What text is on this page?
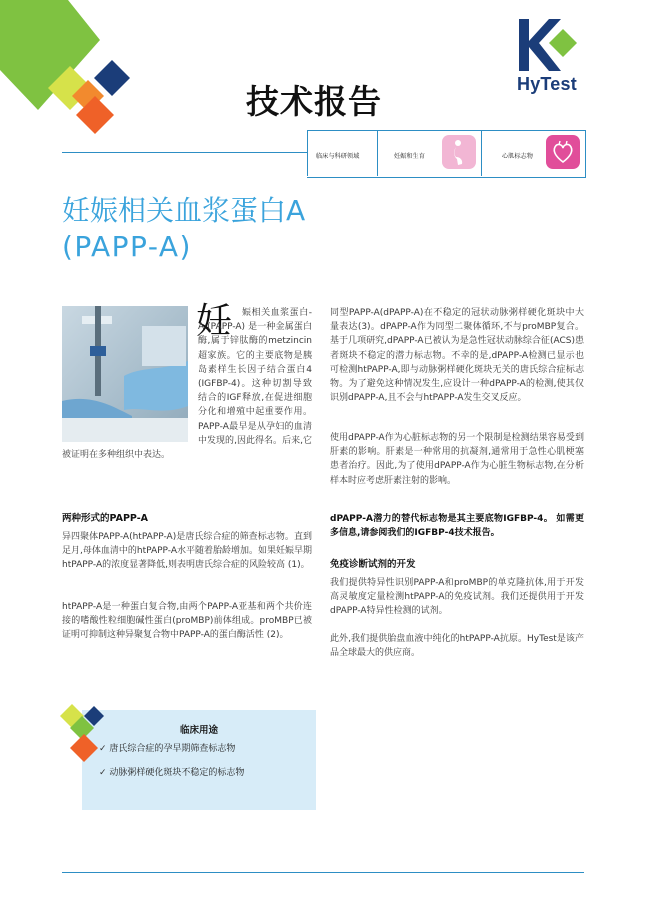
HyTest
技术报告
临床与科研领域	妊娠和生育	心肌标志物
妊娠相关血浆蛋白A
(PAPP-A)
妊	娠相关血浆蛋白-A (PAPP-A) 是一种金属蛋白酶,属于锌肽酶的metzincin超家族。它的主要底物是胰岛素样生长因子结合蛋白4 (IGFBP-4)。这种切割导致结合的IGF释放,在促进细胞分化和增殖中起重要作用。PAPP-A最早是从孕妇的血清中发现的,因此得名。后来,它被证明在多种组织中表达。

两种形式的PAPP-A

异四聚体PAPP-A(htPAPP-A)是唐氏综合症的筛查标志物。直到足月,母体血清中的htPAPP-A水平随着胎龄增加。如果妊娠早期htPAPP-A的浓度显著降低,则表明唐氏综合症的风险较高 (1)。

htPAPP-A是一种蛋白复合物,由两个PAPP-A亚基和两个共价连接的嗜酸性粒细胞碱性蛋白(proMBP)前体组成。proMBP已被证明可抑制这种异聚复合物中PAPP-A的蛋白酶活性 (2)。

同型PAPP-A(dPAPP-A)在不稳定的冠状动脉粥样硬化斑块中大量表达(3)。dPAPP-A作为同型二聚体循环,不与proMBP复合。基于几项研究,dPAPP-A已被认为是急性冠状动脉综合征(ACS)患者斑块不稳定的潜力标志物。不幸的是,dPAPP-A检测已显示也可检测htPAPP-A,即与动脉粥样硬化斑块无关的唐氏综合症标志物。为了避免这种情况发生,应设计一种dPAPP-A的检测,使其仅识别dPAPP-A,且不会与htPAPP-A发生交叉反应。

使用dPAPP-A作为心脏标志物的另一个限制是检测结果容易受到肝素的影响。肝素是一种常用的抗凝剂,通常用于急性心肌梗塞患者治疗。因此,为了使用dPAPP-A作为心脏生物标志物,在分析样本时应考虑肝素注射的影响。

dPAPP-A潜力的替代标志物是其主要底物IGFBP-4。 如需更多信息,请参阅我们的IGFBP-4技术报告。

免疫诊断试剂的开发

我们提供特异性识别PAPP-A和proMBP的单克隆抗体,用于开发高灵敏度定量检测htPAPP-A的免疫试剂。我们还提供用于开发dPAPP-A特异性检测的试剂。

此外,我们提供胎盘血液中纯化的htPAPP-A抗原。HyTest是该产品全球最大的供应商。

临床用途
✓ 唐氏综合症的孕早期筛查标志物
✓ 动脉粥样硬化斑块不稳定的标志物
